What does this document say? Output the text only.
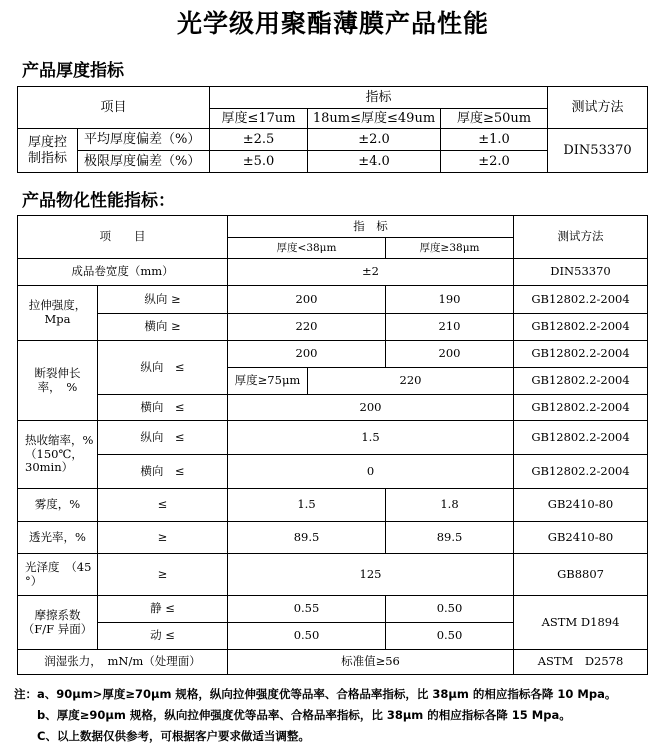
光学级用聚酯薄膜产品性能
产品厚度指标
项目		指标			测试方法
		厚度≤17um	18um≤厚度≤49um	厚度≥50um	

厚度控
制指标	平均厚度偏差（%）	±2.5	±2.0	±1.0	DIN53370
	极限厚度偏差（%）	±5.0	±4.0	±2.0	
产品物化性能指标：
项　　目		指　标			测试方法
		厚度<38μm		厚度≥38μm	
成品卷宽度（mm）		±2			DIN53370

拉伸强度，
Mpa	纵向 ≥	200		190	GB12802.2-2004
	横向 ≥	220		210	GB12802.2-2004

断裂伸长
率，　%	纵向　≤	200		200	GB12802.2-2004
		厚度≥75μm	220		GB12802.2-2004
	横向　≤	200			GB12802.2-2004

热收缩率，%
（150℃，
30min）	纵向　≤	1.5			GB12802.2-2004
	横向　≤	0			GB12802.2-2004
雾度，%	≤	1.5		1.8	GB2410-80
透光率，%	≥	89.5		89.5	GB2410-80

光泽度　（45
°）	≥	125			GB8807

摩擦系数
（F/F 异面）	静 ≤	0.55		0.50	ASTM D1894
	动 ≤	0.50		0.50	
润湿张力，　mN/m（处理面）		标准值≥56			ASTM　D2578
注：a、90μm>厚度≥70μm 规格，纵向拉伸强度优等品率、合格品率指标，比 38μm 的相应指标各降 10 Mpa。
　　b、厚度≥90μm 规格，纵向拉伸强度优等品率、合格品率指标，比 38μm 的相应指标各降 15 Mpa。
　　C、以上数据仅供参考，可根据客户要求做适当调整。
